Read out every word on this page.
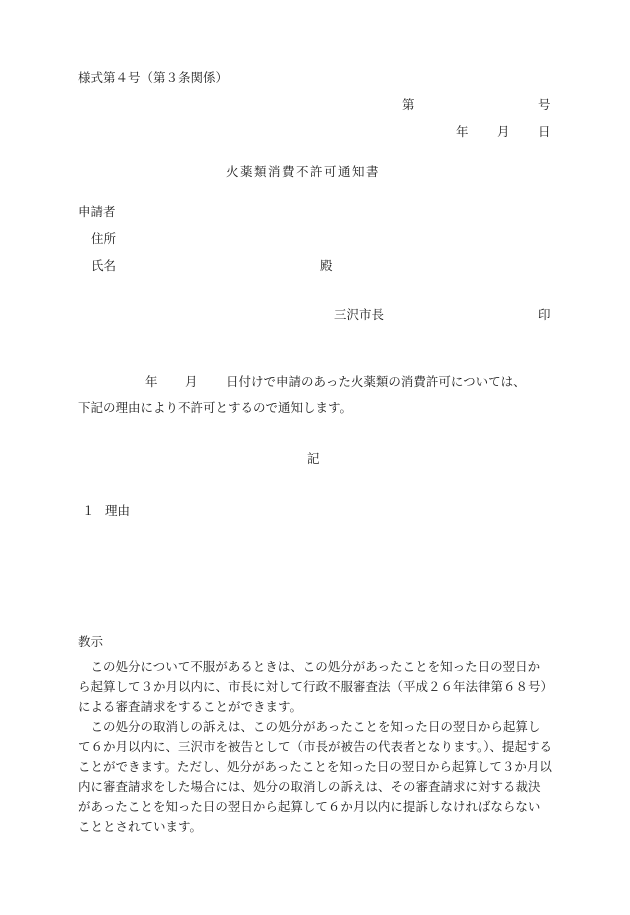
様式第４号（第３条関係）
第	号
年 月 日
火薬類消費不許可通知書
申請者
住所
氏名	殿
三沢市長	印
年 月 日付けで申請のあった火薬類の消費許可については、
下記の理由により不許可とするので通知します。
記
１ 理由
教示

この処分について不服があるときは、この処分があったことを知った日の翌日から起算して３か月以内に、市長に対して行政不服審査法（平成２６年法律第６８号）による審査請求をすることができます。

この処分の取消しの訴えは、この処分があったことを知った日の翌日から起算して６か月以内に、三沢市を被告として（市長が被告の代表者となります。）、提起することができます。ただし、処分があったことを知った日の翌日から起算して３か月以内に審査請求をした場合には、処分の取消しの訴えは、その審査請求に対する裁決があったことを知った日の翌日から起算して６か月以内に提訴しなければならないこととされています。
